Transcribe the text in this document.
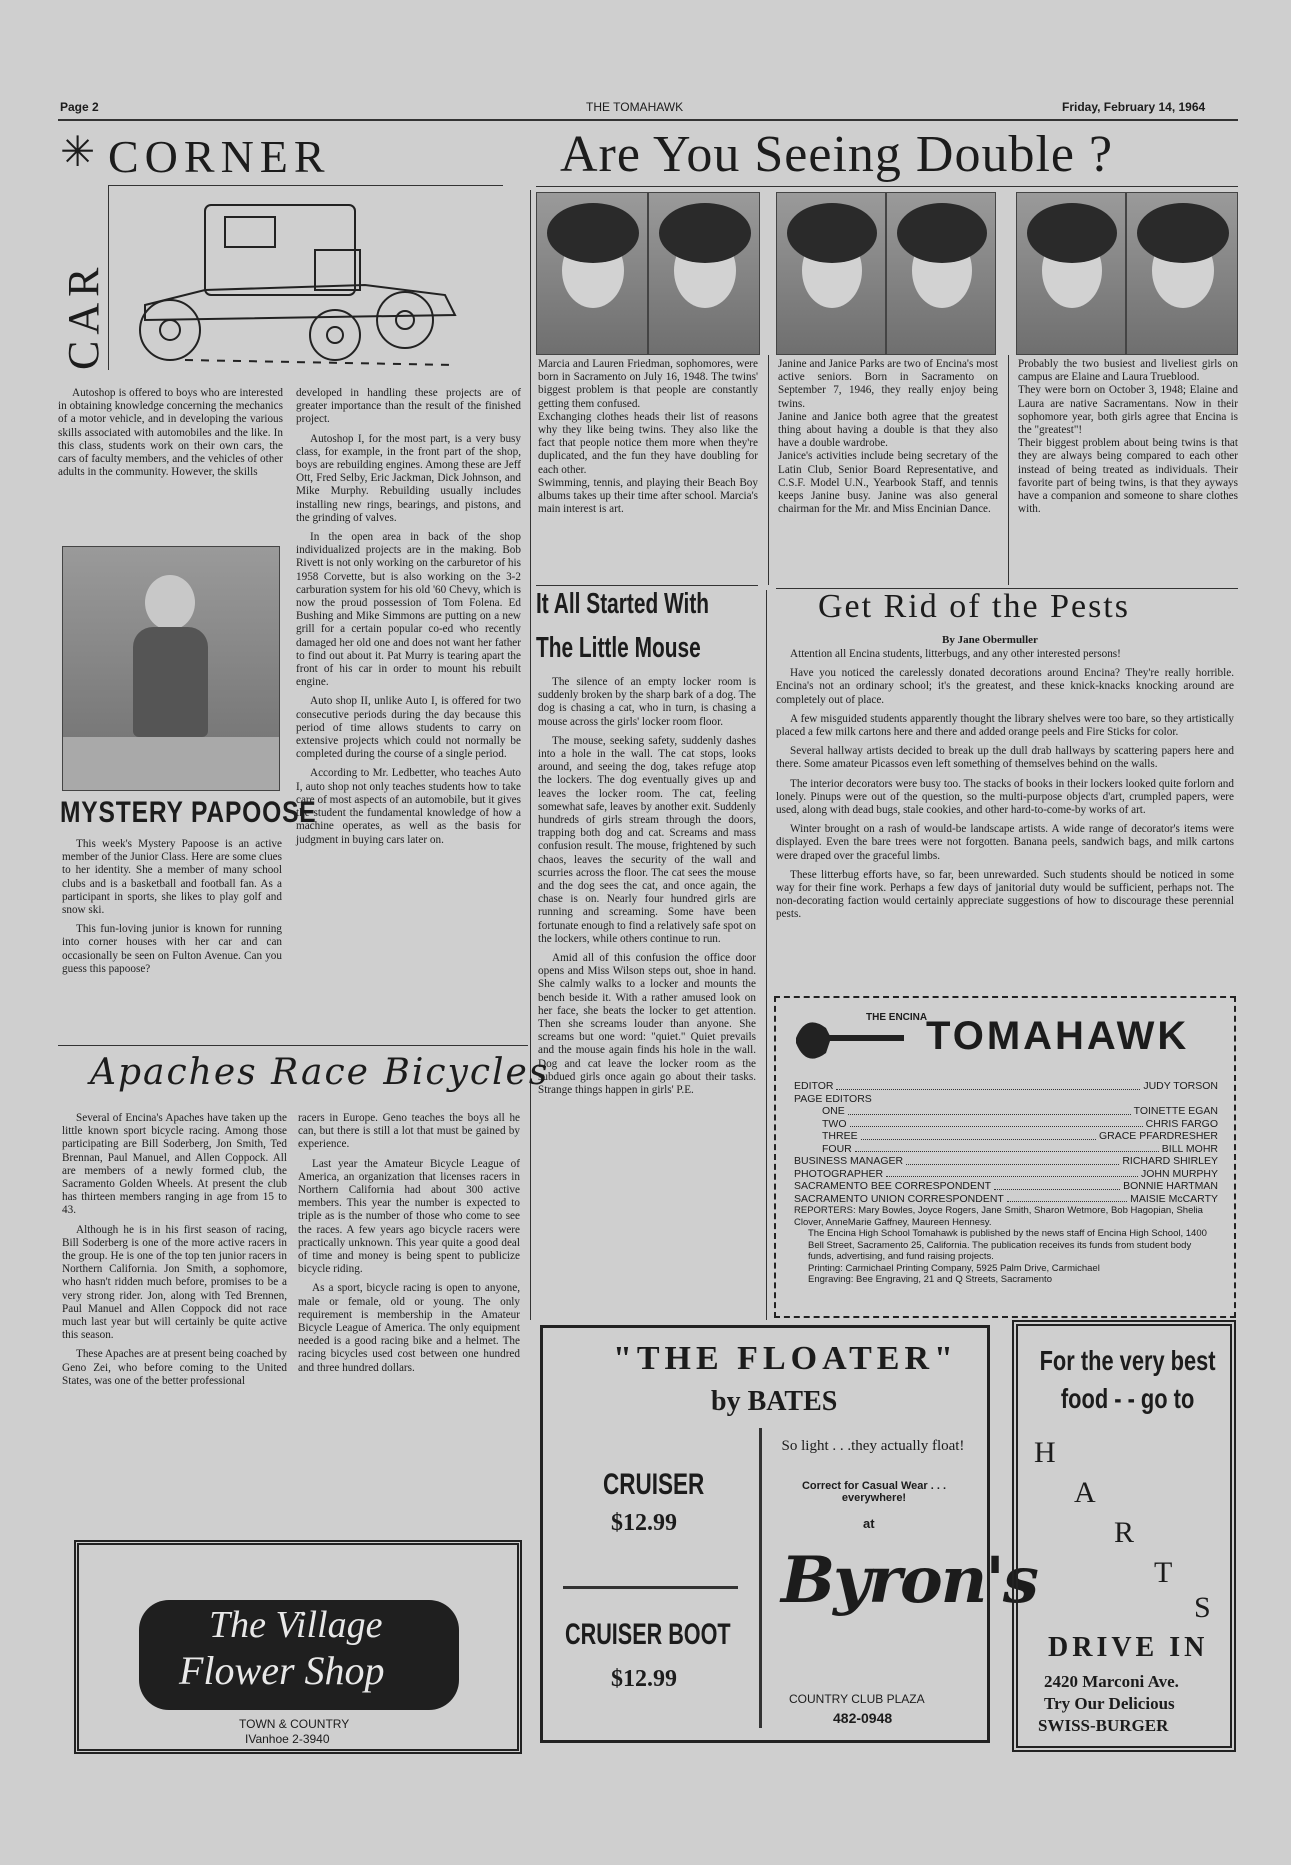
Page 2	THE TOMAHAWK	Friday, February 14, 1964
CAR
✳ CORNER

Autoshop is offered to boys who are interested in obtaining knowledge concerning the mechanics of a motor vehicle, and in developing the various skills associated with automobiles and the like. In this class, students work on their own cars, the cars of faculty members, and the vehicles of other adults in the community. However, the skills

developed in handling these projects are of greater importance than the result of the finished project.

Autoshop I, for the most part, is a very busy class, for example, in the front part of the shop, boys are rebuilding engines. Among these are Jeff Ott, Fred Selby, Eric Jackman, Dick Johnson, and Mike Murphy. Rebuilding usually includes installing new rings, bearings, and pistons, and the grinding of valves.

In the open area in back of the shop individualized projects are in the making. Bob Rivett is not only working on the carburetor of his 1958 Corvette, but is also working on the 3-2 carburation system for his old '60 Chevy, which is now the proud possession of Tom Folena. Ed Bushing and Mike Simmons are putting on a new grill for a certain popular co-ed who recently damaged her old one and does not want her father to find out about it. Pat Murry is tearing apart the front of his car in order to mount his rebuilt engine.

Auto shop II, unlike Auto I, is offered for two consecutive periods during the day because this period of time allows students to carry on extensive projects which could not normally be completed during the course of a single period.

According to Mr. Ledbetter, who teaches Auto I, auto shop not only teaches students how to take care of most aspects of an automobile, but it gives the student the fundamental knowledge of how a machine operates, as well as the basis for judgment in buying cars later on.

MYSTERY PAPOOSE

This week's Mystery Papoose is an active member of the Junior Class. Here are some clues to her identity. She a member of many school clubs and is a basketball and football fan. As a participant in sports, she likes to play golf and snow ski.

This fun-loving junior is known for running into corner houses with her car and can occasionally be seen on Fulton Avenue. Can you guess this papoose?

Apaches Race Bicycles

Several of Encina's Apaches have taken up the little known sport bicycle racing. Among those participating are Bill Soderberg, Jon Smith, Ted Brennan, Paul Manuel, and Allen Coppock. All are members of a newly formed club, the Sacramento Golden Wheels. At present the club has thirteen members ranging in age from 15 to 43.

Although he is in his first season of racing, Bill Soderberg is one of the more active racers in the group. He is one of the top ten junior racers in Northern California. Jon Smith, a sophomore, who hasn't ridden much before, promises to be a very strong rider. Jon, along with Ted Brennen, Paul Manuel and Allen Coppock did not race much last year but will certainly be quite active this season.

These Apaches are at present being coached by Geno Zei, who before coming to the United States, was one of the better professional

racers in Europe. Geno teaches the boys all he can, but there is still a lot that must be gained by experience.

Last year the Amateur Bicycle League of America, an organization that licenses racers in Northern California had about 300 active members. This year the number is expected to triple as is the number of those who come to see the races. A few years ago bicycle racers were practically unknown. This year quite a good deal of time and money is being spent to publicize bicycle riding.

As a sport, bicycle racing is open to anyone, male or female, old or young. The only requirement is membership in the Amateur Bicycle League of America. The only equipment needed is a good racing bike and a helmet. The racing bicycles used cost between one hundred and three hundred dollars.

The Village
Flower Shop
TOWN & COUNTRY
IVanhoe 2-3940
Are You Seeing Double ?
Marcia and Lauren Friedman, sophomores, were born in Sacramento on July 16, 1948. The twins' biggest problem is that people are constantly getting them confused.
Exchanging clothes heads their list of reasons why they like being twins. They also like the fact that people notice them more when they're duplicated, and the fun they have doubling for each other.
Swimming, tennis, and playing their Beach Boy albums takes up their time after school. Marcia's main interest is art.
Janine and Janice Parks are two of Encina's most active seniors. Born in Sacramento on September 7, 1946, they really enjoy being twins.
Janine and Janice both agree that the greatest thing about having a double is that they also have a double wardrobe.
Janice's activities include being secretary of the Latin Club, Senior Board Representative, and C.S.F. Model U.N., Yearbook Staff, and tennis keeps Janine busy. Janine was also general chairman for the Mr. and Miss Encinian Dance.
Probably the two busiest and liveliest girls on campus are Elaine and Laura Trueblood.
They were born on October 3, 1948; Elaine and Laura are native Sacramentans. Now in their sophomore year, both girls agree that Encina is the "greatest"!
Their biggest problem about being twins is that they are always being compared to each other instead of being treated as individuals. Their favorite part of being twins, is that they ayways have a companion and someone to share clothes with.
It All Started With
The Little Mouse

The silence of an empty locker room is suddenly broken by the sharp bark of a dog. The dog is chasing a cat, who in turn, is chasing a mouse across the girls' locker room floor.

The mouse, seeking safety, suddenly dashes into a hole in the wall. The cat stops, looks around, and seeing the dog, takes refuge atop the lockers. The dog eventually gives up and leaves the locker room. The cat, feeling somewhat safe, leaves by another exit. Suddenly hundreds of girls stream through the doors, trapping both dog and cat. Screams and mass confusion result. The mouse, frightened by such chaos, leaves the security of the wall and scurries across the floor. The cat sees the mouse and the dog sees the cat, and once again, the chase is on. Nearly four hundred girls are running and screaming. Some have been fortunate enough to find a relatively safe spot on the lockers, while others continue to run.

Amid all of this confusion the office door opens and Miss Wilson steps out, shoe in hand. She calmly walks to a locker and mounts the bench beside it. With a rather amused look on her face, she beats the locker to get attention. Then she screams louder than anyone. She screams but one word: "quiet." Quiet prevails and the mouse again finds his hole in the wall. Dog and cat leave the locker room as the subdued girls once again go about their tasks. Strange things happen in girls' P.E.

Get Rid of the Pests
By Jane Obermuller

Attention all Encina students, litterbugs, and any other interested persons!

Have you noticed the carelessly donated decorations around Encina? They're really horrible. Encina's not an ordinary school; it's the greatest, and these knick-knacks knocking around are completely out of place.

A few misguided students apparently thought the library shelves were too bare, so they artistically placed a few milk cartons here and there and added orange peels and Fire Sticks for color.

Several hallway artists decided to break up the dull drab hallways by scattering papers here and there. Some amateur Picassos even left something of themselves behind on the walls.

The interior decorators were busy too. The stacks of books in their lockers looked quite forlorn and lonely. Pinups were out of the question, so the multi-purpose objects d'art, crumpled papers, were used, along with dead bugs, stale cookies, and other hard-to-come-by works of art.

Winter brought on a rash of would-be landscape artists. A wide range of decorator's items were displayed. Even the bare trees were not forgotten. Banana peels, sandwich bags, and milk cartons were draped over the graceful limbs.

These litterbug efforts have, so far, been unrewarded. Such students should be noticed in some way for their fine work. Perhaps a few days of janitorial duty would be sufficient, perhaps not. The non-decorating faction would certainly appreciate suggestions of how to discourage these perennial pests.

THE ENCINA
TOMAHAWK
EDITOR	JUDY TORSON
PAGE EDITORS
ONE	TOINETTE EGAN
TWO	CHRIS FARGO
THREE	GRACE PFARDRESHER
FOUR	BILL MOHR
BUSINESS MANAGER	RICHARD SHIRLEY
PHOTOGRAPHER	JOHN MURPHY
SACRAMENTO BEE CORRESPONDENT	BONNIE HARTMAN
SACRAMENTO UNION CORRESPONDENT	MAISIE McCARTY
REPORTERS: Mary Bowles, Joyce Rogers, Jane Smith, Sharon Wetmore, Bob Hagopian, Shelia Clover, AnneMarie Gaffney, Maureen Hennesy.
The Encina High School Tomahawk is published by the news staff of Encina High School, 1400 Bell Street, Sacramento 25, California. The publication receives its funds from student body funds, advertising, and fund raising projects.
Printing: Carmichael Printing Company, 5925 Palm Drive, Carmichael
Engraving: Bee Engraving, 21 and Q Streets, Sacramento
"THE FLOATER"
by BATES
CRUISER
$12.99
CRUISER BOOT
$12.99
So light . . .they actually float!
Correct for Casual Wear . . . everywhere!
at
Byron's
COUNTRY CLUB PLAZA
482-0948
For the very best food - - go to
H
A
R
T
S
DRIVE IN
2420 Marconi Ave.
Try Our Delicious
SWISS-BURGER
